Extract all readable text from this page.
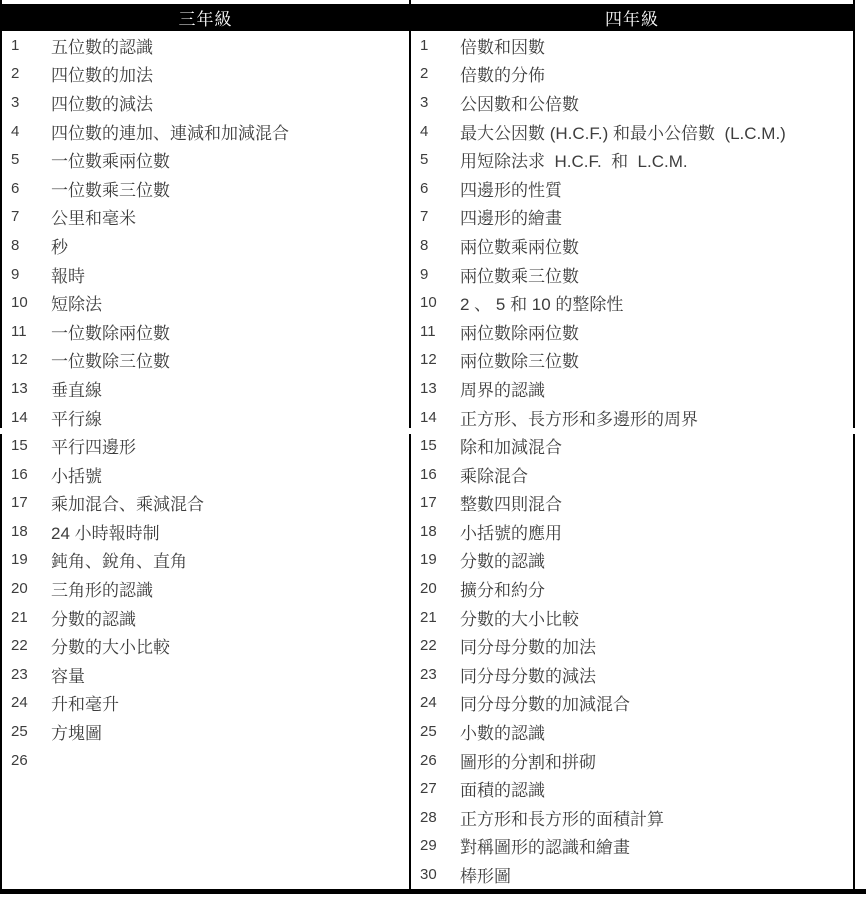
三年級
1	五位數的認識
2	四位數的加法
3	四位數的減法
4	四位數的連加、連減和加減混合
5	一位數乘兩位數
6	一位數乘三位數
7	公里和毫米
8	秒
9	報時
10	短除法
11	一位數除兩位數
12	一位數除三位數
13	垂直線
14	平行線
15	平行四邊形
16	小括號
17	乘加混合、乘減混合
18	24 小時報時制
19	鈍角、銳角、直角
20	三角形的認識
21	分數的認識
22	分數的大小比較
23	容量
24	升和毫升
25	方塊圖
26
四年級
1	倍數和因數
2	倍數的分佈
3	公因數和公倍數
4	最大公因數 (H.C.F.) 和最小公倍數  (L.C.M.)
5	用短除法求  H.C.F.  和  L.C.M.
6	四邊形的性質
7	四邊形的繪畫
8	兩位數乘兩位數
9	兩位數乘三位數
10	2 、 5 和 10 的整除性
11	兩位數除兩位數
12	兩位數除三位數
13	周界的認識
14	正方形、長方形和多邊形的周界
15	除和加減混合
16	乘除混合
17	整數四則混合
18	小括號的應用
19	分數的認識
20	擴分和約分
21	分數的大小比較
22	同分母分數的加法
23	同分母分數的減法
24	同分母分數的加減混合
25	小數的認識
26	圖形的分割和拼砌
27	面積的認識
28	正方形和長方形的面積計算
29	對稱圖形的認識和繪畫
30	棒形圖
